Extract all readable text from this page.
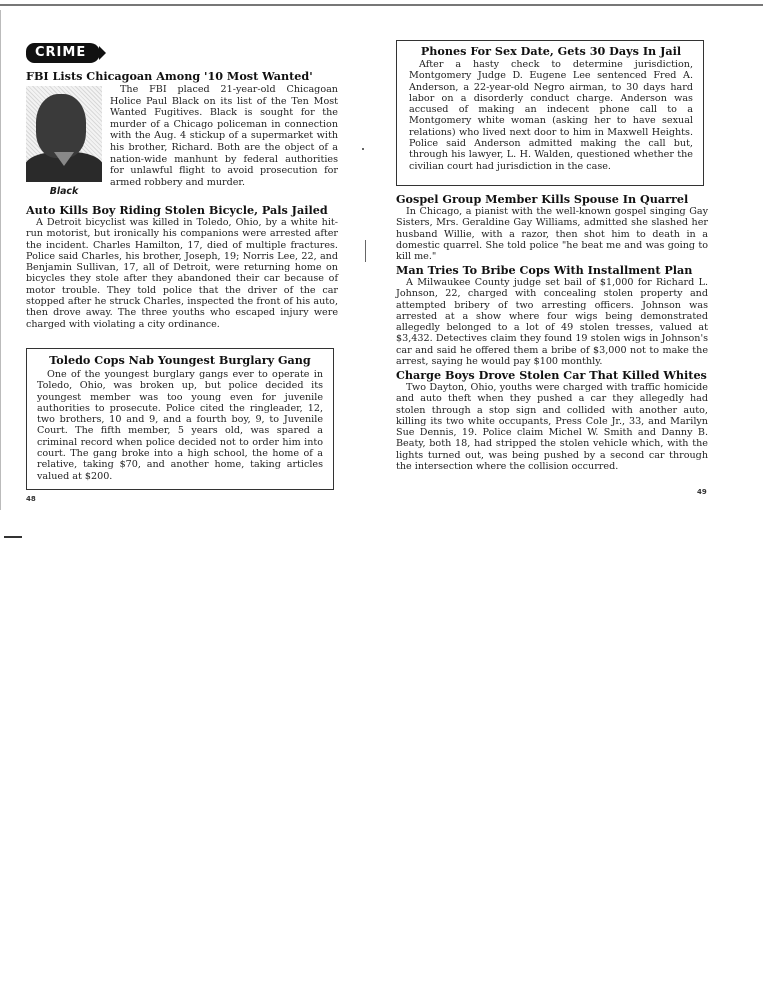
CRIME
FBI Lists Chicagoan Among '10 Most Wanted'
Black

The FBI placed 21-year-old Chicagoan Holice Paul Black on its list of the Ten Most Wanted Fugitives. Black is sought for the murder of a Chicago policeman in connection with the Aug. 4 stickup of a supermarket with his brother, Richard. Both are the object of a nation-wide manhunt by federal authorities for unlawful flight to avoid prosecution for armed robbery and murder.

Auto Kills Boy Riding Stolen Bicycle, Pals Jailed

A Detroit bicyclist was killed in Toledo, Ohio, by a white hit-run motorist, but ironically his companions were arrested after the incident. Charles Hamilton, 17, died of multiple fractures. Police said Charles, his brother, Joseph, 19; Norris Lee, 22, and Benjamin Sullivan, 17, all of Detroit, were returning home on bicycles they stole after they abandoned their car because of motor trouble. They told police that the driver of the car stopped after he struck Charles, inspected the front of his auto, then drove away. The three youths who escaped injury were charged with violating a city ordinance.

Toledo Cops Nab Youngest Burglary Gang

One of the youngest burglary gangs ever to operate in Toledo, Ohio, was broken up, but police decided its youngest member was too young even for juvenile authorities to prosecute. Police cited the ringleader, 12, two brothers, 10 and 9, and a fourth boy, 9, to Juvenile Court. The fifth member, 5 years old, was spared a criminal record when police decided not to order him into court. The gang broke into a high school, the home of a relative, taking $70, and another home, taking articles valued at $200.

48
Phones For Sex Date, Gets 30 Days In Jail

After a hasty check to determine jurisdiction, Montgomery Judge D. Eugene Lee sentenced Fred A. Anderson, a 22-year-old Negro airman, to 30 days hard labor on a disorderly conduct charge. Anderson was accused of making an indecent phone call to a Montgomery white woman (asking her to have sexual relations) who lived next door to him in Maxwell Heights. Police said Anderson admitted making the call but, through his lawyer, L. H. Walden, questioned whether the civilian court had jurisdiction in the case.

Gospel Group Member Kills Spouse In Quarrel

In Chicago, a pianist with the well-known gospel singing Gay Sisters, Mrs. Geraldine Gay Williams, admitted she slashed her husband Willie, with a razor, then shot him to death in a domestic quarrel. She told police "he beat me and was going to kill me."

Man Tries To Bribe Cops With Installment Plan

A Milwaukee County judge set bail of $1,000 for Richard L. Johnson, 22, charged with concealing stolen property and attempted bribery of two arresting officers. Johnson was arrested at a show where four wigs being demonstrated allegedly belonged to a lot of 49 stolen tresses, valued at $3,432. Detectives claim they found 19 stolen wigs in Johnson's car and said he offered them a bribe of $3,000 not to make the arrest, saying he would pay $100 monthly.

Charge Boys Drove Stolen Car That Killed Whites

Two Dayton, Ohio, youths were charged with traffic homicide and auto theft when they pushed a car they allegedly had stolen through a stop sign and collided with another auto, killing its two white occupants, Press Cole Jr., 33, and Marilyn Sue Dennis, 19. Police claim Michel W. Smith and Danny B. Beaty, both 18, had stripped the stolen vehicle which, with the lights turned out, was being pushed by a second car through the intersection where the collision occurred.

49
